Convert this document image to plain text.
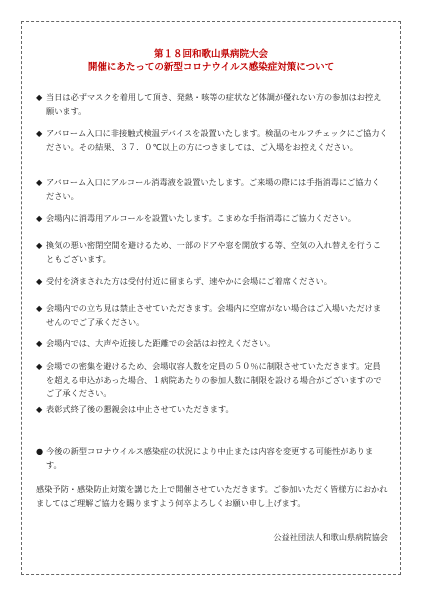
第１８回和歌山県病院大会
開催にあたっての新型コロナウイルス感染症対策について
◆ 当日は必ずマスクを着用して頂き、発熱・咳等の症状など体調が優れない方の参加はお控え願います。
◆ アバローム入口に非接触式検温デバイスを設置いたします。検温のセルフチェックにご協力ください。その結果、３７．０℃以上の方につきましては、ご入場をお控えください。
◆ アバローム入口にアルコール消毒液を設置いたします。ご来場の際には手指消毒にご協力ください。
◆ 会場内に消毒用アルコールを設置いたします。こまめな手指消毒にご協力ください。
◆ 換気の悪い密閉空間を避けるため、一部のドアや窓を開放する等、空気の入れ替えを行うこともございます。
◆ 受付を済まされた方は受付付近に留まらず、速やかに会場にご着席ください。
◆ 会場内での立ち見は禁止させていただきます。会場内に空席がない場合はご入場いただけませんのでご了承ください。
◆ 会場内では、大声や近接した距離での会話はお控えください。
◆ 会場での密集を避けるため、会場収容人数を定員の５０％に制限させていただきます。定員を超える申込があった場合、１病院あたりの参加人数に制限を設ける場合がございますのでご了承ください。
◆ 表彰式終了後の懇親会は中止させていただきます。
● 今後の新型コロナウイルス感染症の状況により中止または内容を変更する可能性があります。
感染予防・感染防止対策を講じた上で開催させていただきます。ご参加いただく皆様方におかれましてはご理解ご協力を賜りますよう何卒よろしくお願い申し上げます。
公益社団法人和歌山県病院協会
